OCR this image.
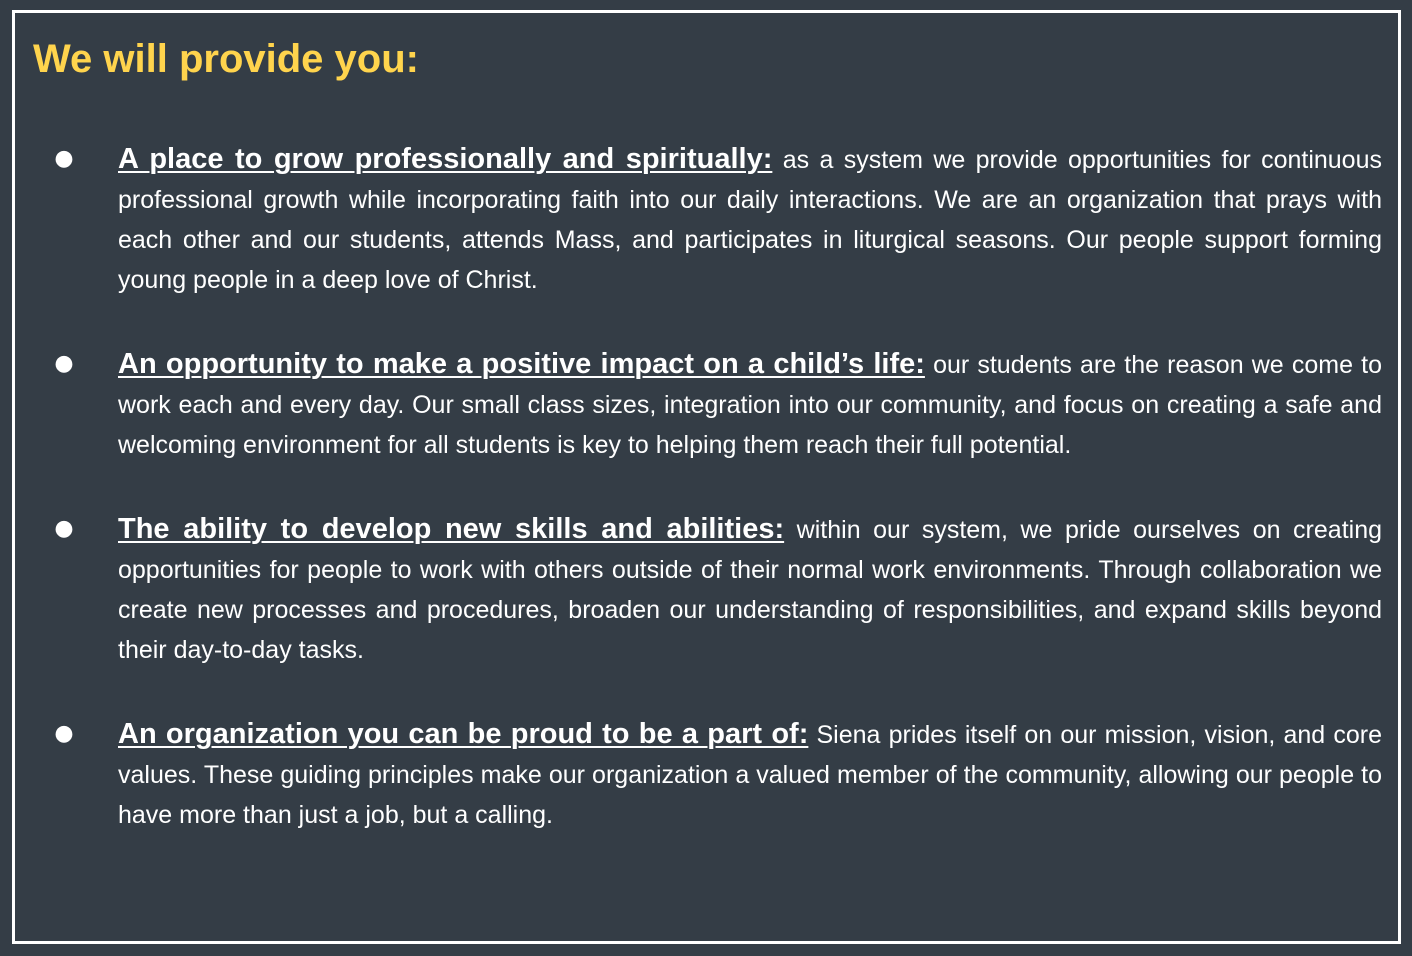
We will provide you:
● A place to grow professionally and spiritually: as a system we provide opportunities for continuous professional growth while incorporating faith into our daily interactions. We are an organization that prays with each other and our students, attends Mass, and participates in liturgical seasons. Our people support forming young people in a deep love of Christ.

● An opportunity to make a positive impact on a child’s life: our students are the reason we come to work each and every day. Our small class sizes, integration into our community, and focus on creating a safe and welcoming environment for all students is key to helping them reach their full potential.

● The ability to develop new skills and abilities: within our system, we pride ourselves on creating opportunities for people to work with others outside of their normal work environments. Through collaboration we create new processes and procedures, broaden our understanding of responsibilities, and expand skills beyond their day-to-day tasks.

● An organization you can be proud to be a part of: Siena prides itself on our mission, vision, and core values. These guiding principles make our organization a valued member of the community, allowing our people to have more than just a job, but a calling.
